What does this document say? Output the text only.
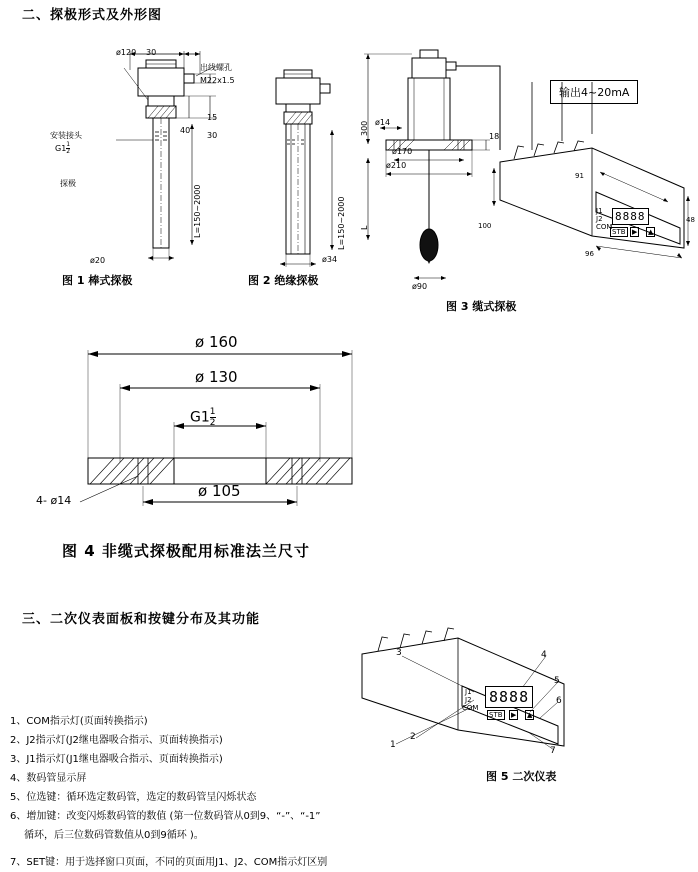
二、探极形式及外形图
ø120 30
出线螺孔
M22x1.5
15
30
40
安装接头
$G1\frac{1}{2}$
探极
L=150~2000
ø20
图 1 棒式探极
L=150~2000
ø34
图 2 绝缘探极
300
L
ø14
18
ø170
ø210
ø90
图 3 缆式探极
91
96
100
48
J1
J2
COM
8888
STB ▶ ▲
输出4~20mA
ø 160
ø 130
$G1\frac{1}{2}$
ø 105
4- ø14
图 4 非缆式探极配用标准法兰尺寸
三、二次仪表面板和按键分布及其功能
1、COM指示灯(页面转换指示)
2、J2指示灯(J2继电器吸合指示、页面转换指示)
3、J1指示灯(J1继电器吸合指示、页面转换指示)
4、数码管显示屏
5、位选键：循环选定数码管，选定的数码管呈闪烁状态
6、增加键：改变闪烁数码管的数值 (第一位数码管从0到9、“-”、“-1”
循环，后三位数码管数值从0到9循环 )。
7、SET键：用于选择窗口页面，不同的页面用J1、J2、COM指示灯区别
J1
J2
COM
8888
STB ▶ ▲
3	4
5
6
2
1
7
图 5 二次仪表
